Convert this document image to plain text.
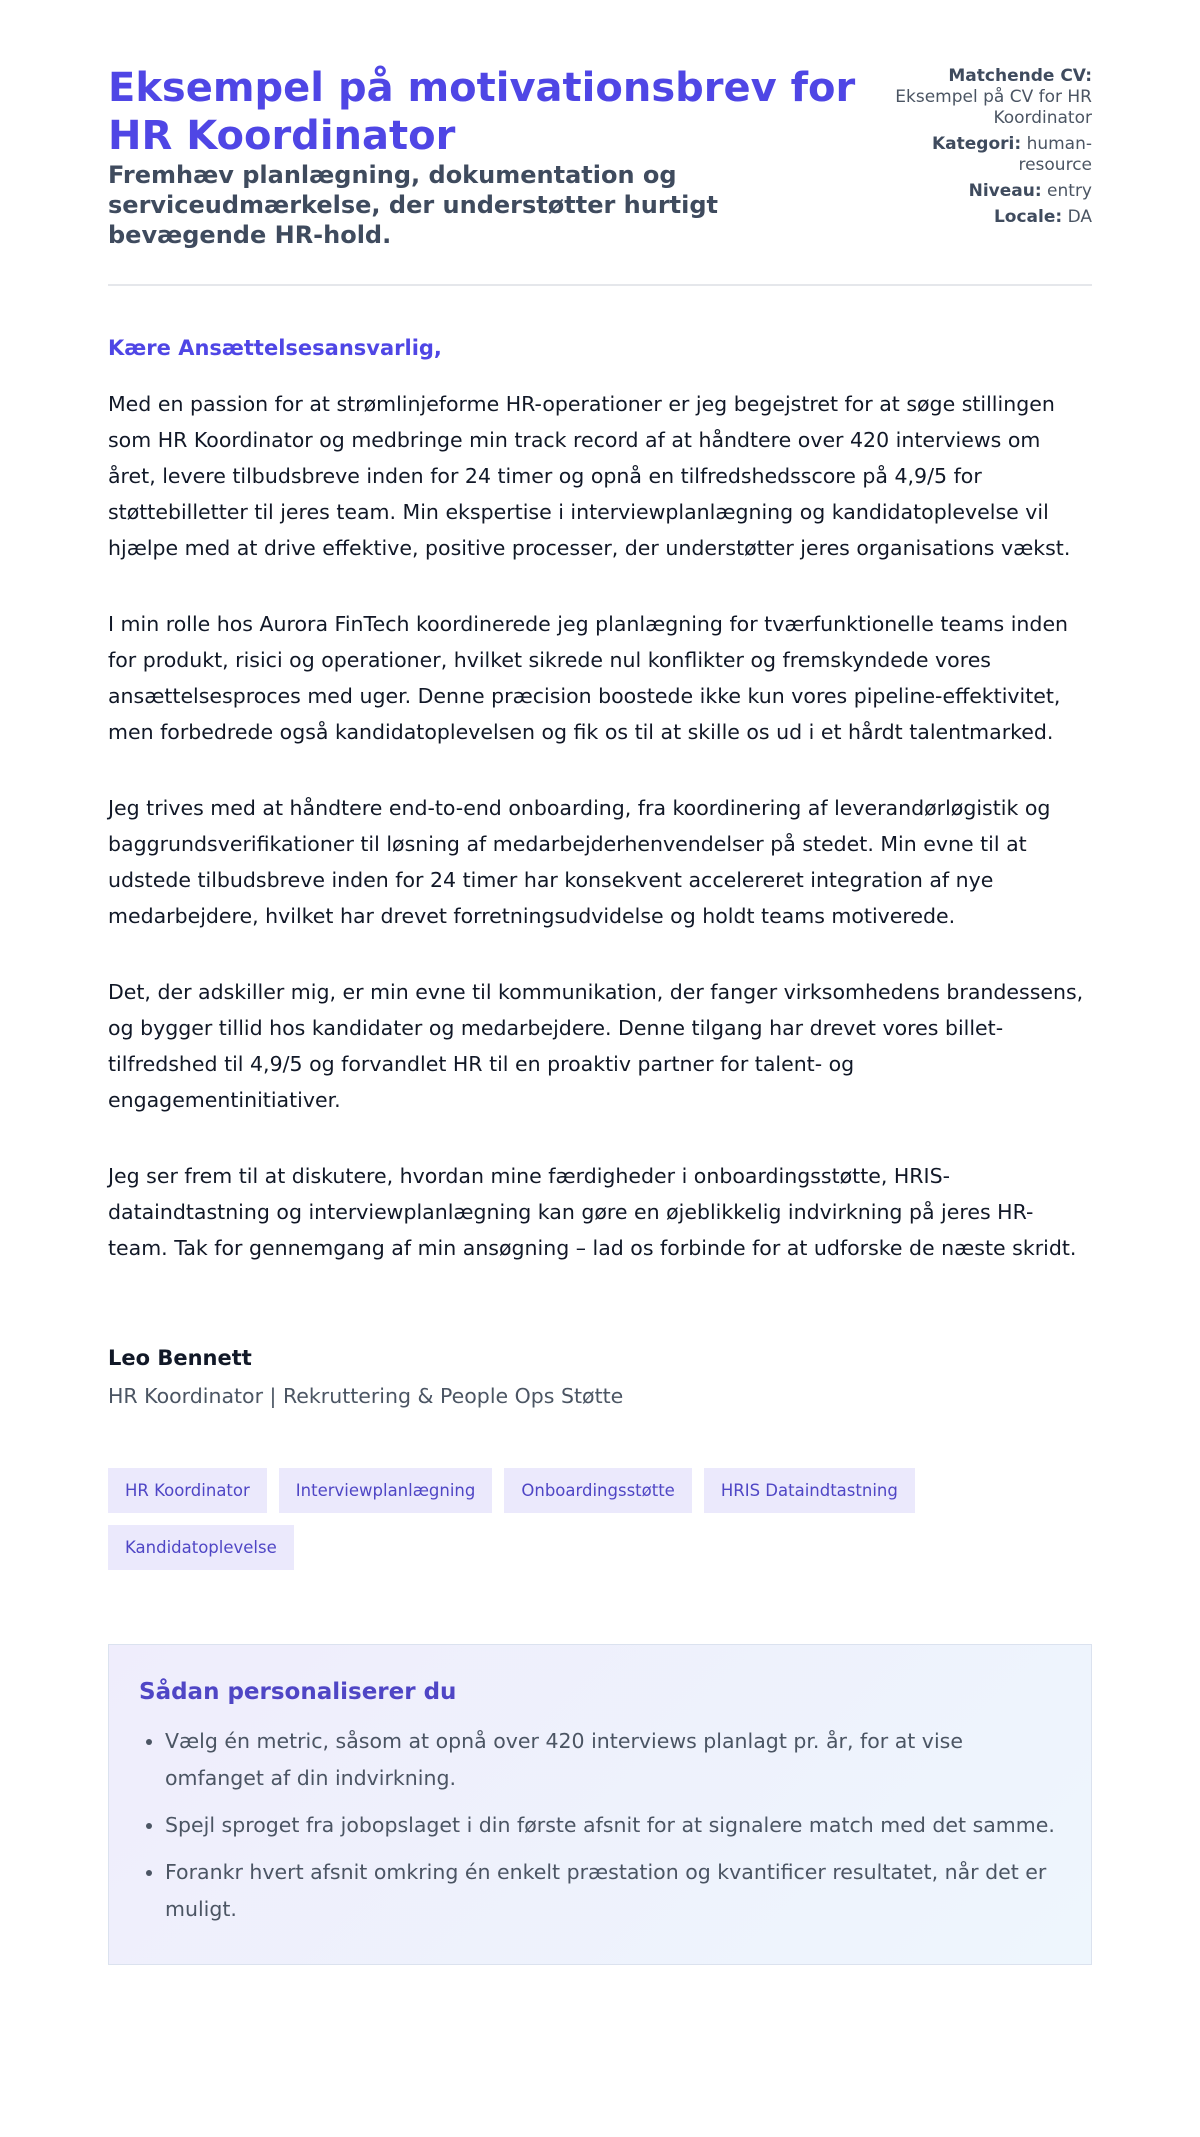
Eksempel på motivationsbrev for HR Koordinator
Fremhæv planlægning, dokumentation og serviceudmærkelse, der understøtter hurtigt bevægende HR-hold.
Matchende CV:
Eksempel på CV for HR Koordinator
Kategori: human-resource
Niveau: entry
Locale: DA

Kære Ansættelsesansvarlig,

Med en passion for at strømlinjeforme HR-operationer er jeg begejstret for at søge stillingen som HR Koordinator og medbringe min track record af at håndtere over 420 interviews om året, levere tilbudsbreve inden for 24 timer og opnå en tilfredshedsscore på 4,9/5 for støttebilletter til jeres team. Min ekspertise i interviewplanlægning og kandidatoplevelse vil hjælpe med at drive effektive, positive processer, der understøtter jeres organisations vækst.

I min rolle hos Aurora FinTech koordinerede jeg planlægning for tværfunktionelle teams inden for produkt, risici og operationer, hvilket sikrede nul konflikter og fremskyndede vores ansættelsesproces med uger. Denne præcision boostede ikke kun vores pipeline-effektivitet, men forbedrede også kandidatoplevelsen og fik os til at skille os ud i et hårdt talentmarked.

Jeg trives med at håndtere end-to-end onboarding, fra koordinering af leverandørløgistik og baggrundsverifikationer til løsning af medarbejderhenvendelser på stedet. Min evne til at udstede tilbudsbreve inden for 24 timer har konsekvent accelereret integration af nye medarbejdere, hvilket har drevet forretningsudvidelse og holdt teams motiverede.

Det, der adskiller mig, er min evne til kommunikation, der fanger virksomhedens brandessens, og bygger tillid hos kandidater og medarbejdere. Denne tilgang har drevet vores billet-tilfredshed til 4,9/5 og forvandlet HR til en proaktiv partner for talent- og engagementinitiativer.

Jeg ser frem til at diskutere, hvordan mine færdigheder i onboardingsstøtte, HRIS-dataindtastning og interviewplanlægning kan gøre en øjeblikkelig indvirkning på jeres HR-team. Tak for gennemgang af min ansøgning – lad os forbinde for at udforske de næste skridt.

Leo Bennett

HR Koordinator | Rekruttering & People Ops Støtte

HR Koordinator	Interviewplanlægning	Onboardingsstøtte	HRIS Dataindtastning
Kandidatoplevelse
Sådan personaliserer du
• Vælg én metric, såsom at opnå over 420 interviews planlagt pr. år, for at vise omfanget af din indvirkning.
• Spejl sproget fra jobopslaget i din første afsnit for at signalere match med det samme.
• Forankr hvert afsnit omkring én enkelt præstation og kvantificer resultatet, når det er muligt.
